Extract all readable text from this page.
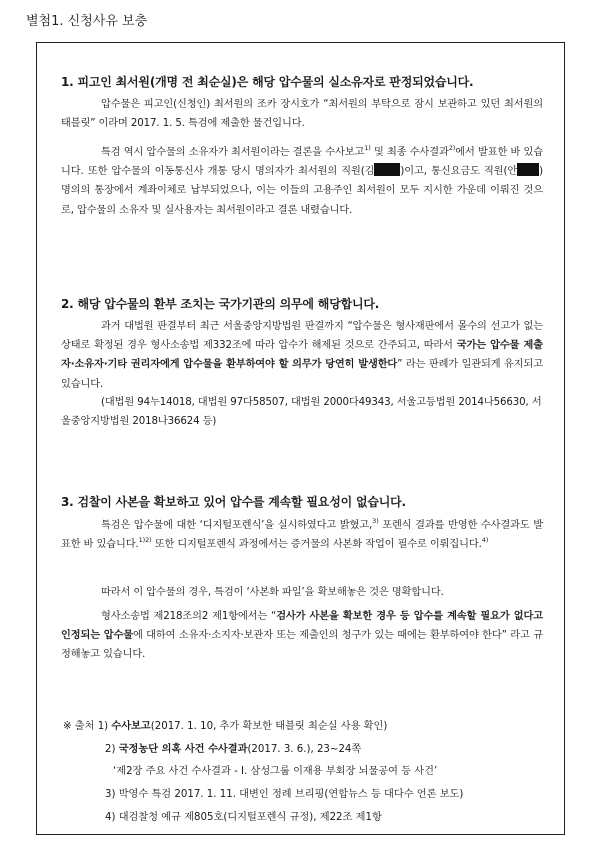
별첨1. 신청사유 보충
1. 피고인 최서원(개명 전 최순실)은 해당 압수물의 실소유자로 판정되었습니다.
압수물은 피고인(신청인) 최서원의 조카 장시호가 “최서원의 부탁으로 잠시 보관하고 있던 최서원의 태블릿” 이라며 2017. 1. 5. 특검에 제출한 물건입니다.
특검 역시 압수물의 소유자가 최서원이라는 결론을 수사보고$^{1)}$ 및 최종 수사결과$^{2)}$에서 발표한 바 있습니다. 또한 압수물의 이동통신사 개통 당시 명의자가 최서원의 직원(김	)이고, 통신요금도 직원(안 ) 명의의 통장에서 계좌이체로 납부되었으나, 이는 이들의 고용주인 최서원이 모두 지시한 가운데 이뤄진 것으로, 압수물의 소유자 및 실사용자는 최서원이라고 결론 내렸습니다.
2. 해당 압수물의 환부 조치는 국가기관의 의무에 해당합니다.
과거 대법원 판결부터 최근 서울중앙지방법원 판결까지 “압수물은 형사재판에서 몰수의 선고가 없는 상태로 확정된 경우 형사소송법 제332조에 따라 압수가 해제된 것으로 간주되고, 따라서 국가는 압수물 제출자·소유자·기타 권리자에게 압수물을 환부하여야 할 의무가 당연히 발생한다” 라는 판례가 일관되게 유지되고 있습니다.
(대법원 94누14018, 대법원 97다58507, 대법원 2000다49343, 서울고등법원 2014나56630, 서울중앙지방법원 2018나36624 등)
3. 검찰이 사본을 확보하고 있어 압수를 계속할 필요성이 없습니다.
특검은 압수물에 대한 ‘디지털포렌식’을 실시하였다고 밝혔고,$^{3)}$ 포렌식 결과를 반영한 수사결과도 발표한 바 있습니다.$^{1)2)}$ 또한 디지털포렌식 과정에서는 증거물의 사본화 작업이 필수로 이뤄집니다.$^{4)}$
따라서 이 압수물의 경우, 특검이 ‘사본화 파일’을 확보해놓은 것은 명확합니다.
형사소송법 제218조의2 제1항에서는 “검사가 사본을 확보한 경우 등 압수를 계속할 필요가 없다고 인정되는 압수물에 대하여 소유자·소지자·보관자 또는 제출인의 청구가 있는 때에는 환부하여야 한다” 라고 규정해놓고 있습니다.
※ 출처 1) 수사보고(2017. 1. 10, 추가 확보한 태블릿 최순실 사용 확인)
2) 국정농단 의혹 사건 수사결과(2017. 3. 6.), 23~24쪽
‘제2장 주요 사건 수사결과 - Ⅰ. 삼성그룹 이재용 부회장 뇌물공여 등 사건’
3) 박영수 특검 2017. 1. 11. 대변인 정례 브리핑(연합뉴스 등 대다수 언론 보도)
4) 대검찰청 예규 제805호(디지털포렌식 규정), 제22조 제1항
